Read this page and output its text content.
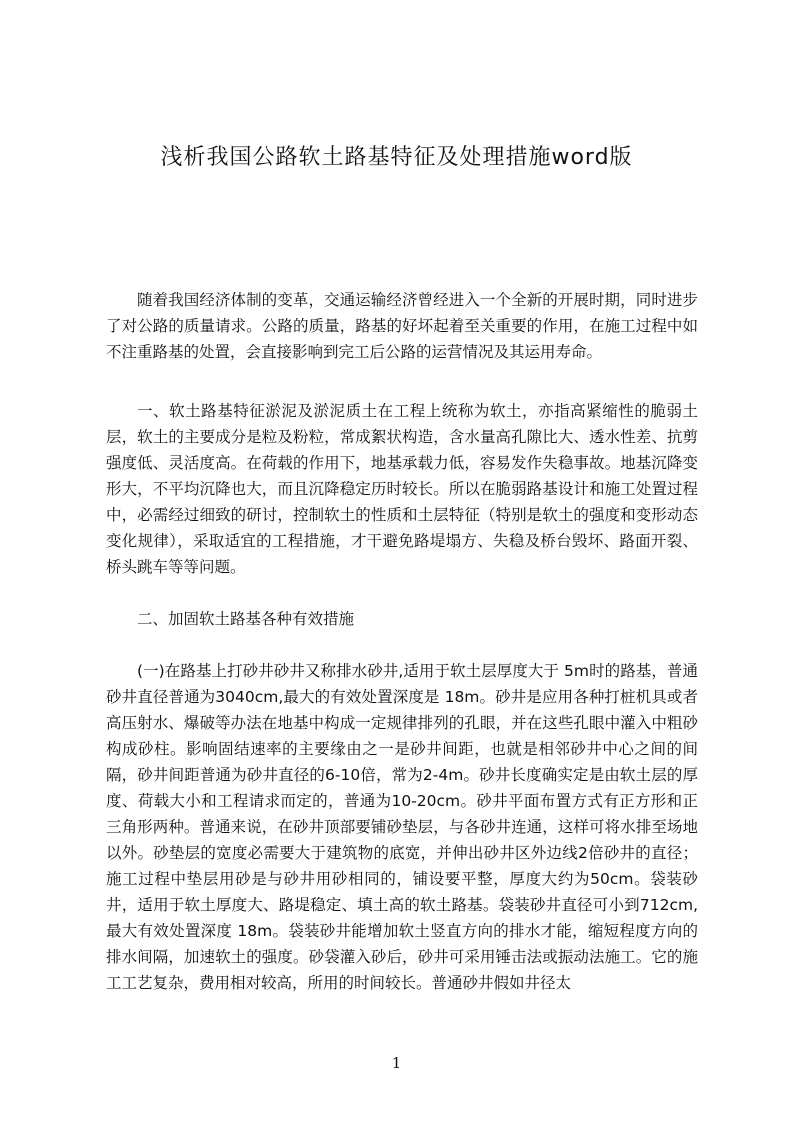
浅析我国公路软土路基特征及处理措施word版

随着我国经济体制的变革，交通运输经济曾经进入一个全新的开展时期，同时进步了对公路的质量请求。公路的质量，路基的好坏起着至关重要的作用，在施工过程中如不注重路基的处置，会直接影响到完工后公路的运营情况及其运用寿命。

一、软土路基特征淤泥及淤泥质土在工程上统称为软土，亦指高紧缩性的脆弱土层，软土的主要成分是粒及粉粒，常成絮状构造，含水量高孔隙比大、透水性差、抗剪强度低、灵活度高。在荷载的作用下，地基承载力低，容易发作失稳事故。地基沉降变形大，不平均沉降也大，而且沉降稳定历时较长。所以在脆弱路基设计和施工处置过程中，必需经过细致的研讨，控制软土的性质和土层特征（特别是软土的强度和变形动态变化规律），采取适宜的工程措施，才干避免路堤塌方、失稳及桥台毁坏、路面开裂、桥头跳车等等问题。

二、加固软土路基各种有效措施

(一)在路基上打砂井砂井又称排水砂井,适用于软土层厚度大于 5m时的路基，普通砂井直径普通为3040cm,最大的有效处置深度是 18m。砂井是应用各种打桩机具或者高压射水、爆破等办法在地基中构成一定规律排列的孔眼，并在这些孔眼中灌入中粗砂构成砂柱。影响固结速率的主要缘由之一是砂井间距，也就是相邻砂井中心之间的间隔，砂井间距普通为砂井直径的6-10倍，常为2-4m。砂井长度确实定是由软土层的厚度、荷载大小和工程请求而定的，普通为10-20cm。砂井平面布置方式有正方形和正三角形两种。普通来说，在砂井顶部要铺砂垫层，与各砂井连通，这样可将水排至场地以外。砂垫层的宽度必需要大于建筑物的底宽，并伸出砂井区外边线2倍砂井的直径；施工过程中垫层用砂是与砂井用砂相同的，铺设要平整，厚度大约为50cm。袋装砂井，适用于软土厚度大、路堤稳定、填土高的软土路基。袋装砂井直径可小到712cm,最大有效处置深度 18m。袋装砂井能增加软土竖直方向的排水才能，缩短程度方向的排水间隔，加速软土的强度。砂袋灌入砂后，砂井可采用锤击法或振动法施工。它的施工工艺复杂，费用相对较高，所用的时间较长。普通砂井假如井径太

1
